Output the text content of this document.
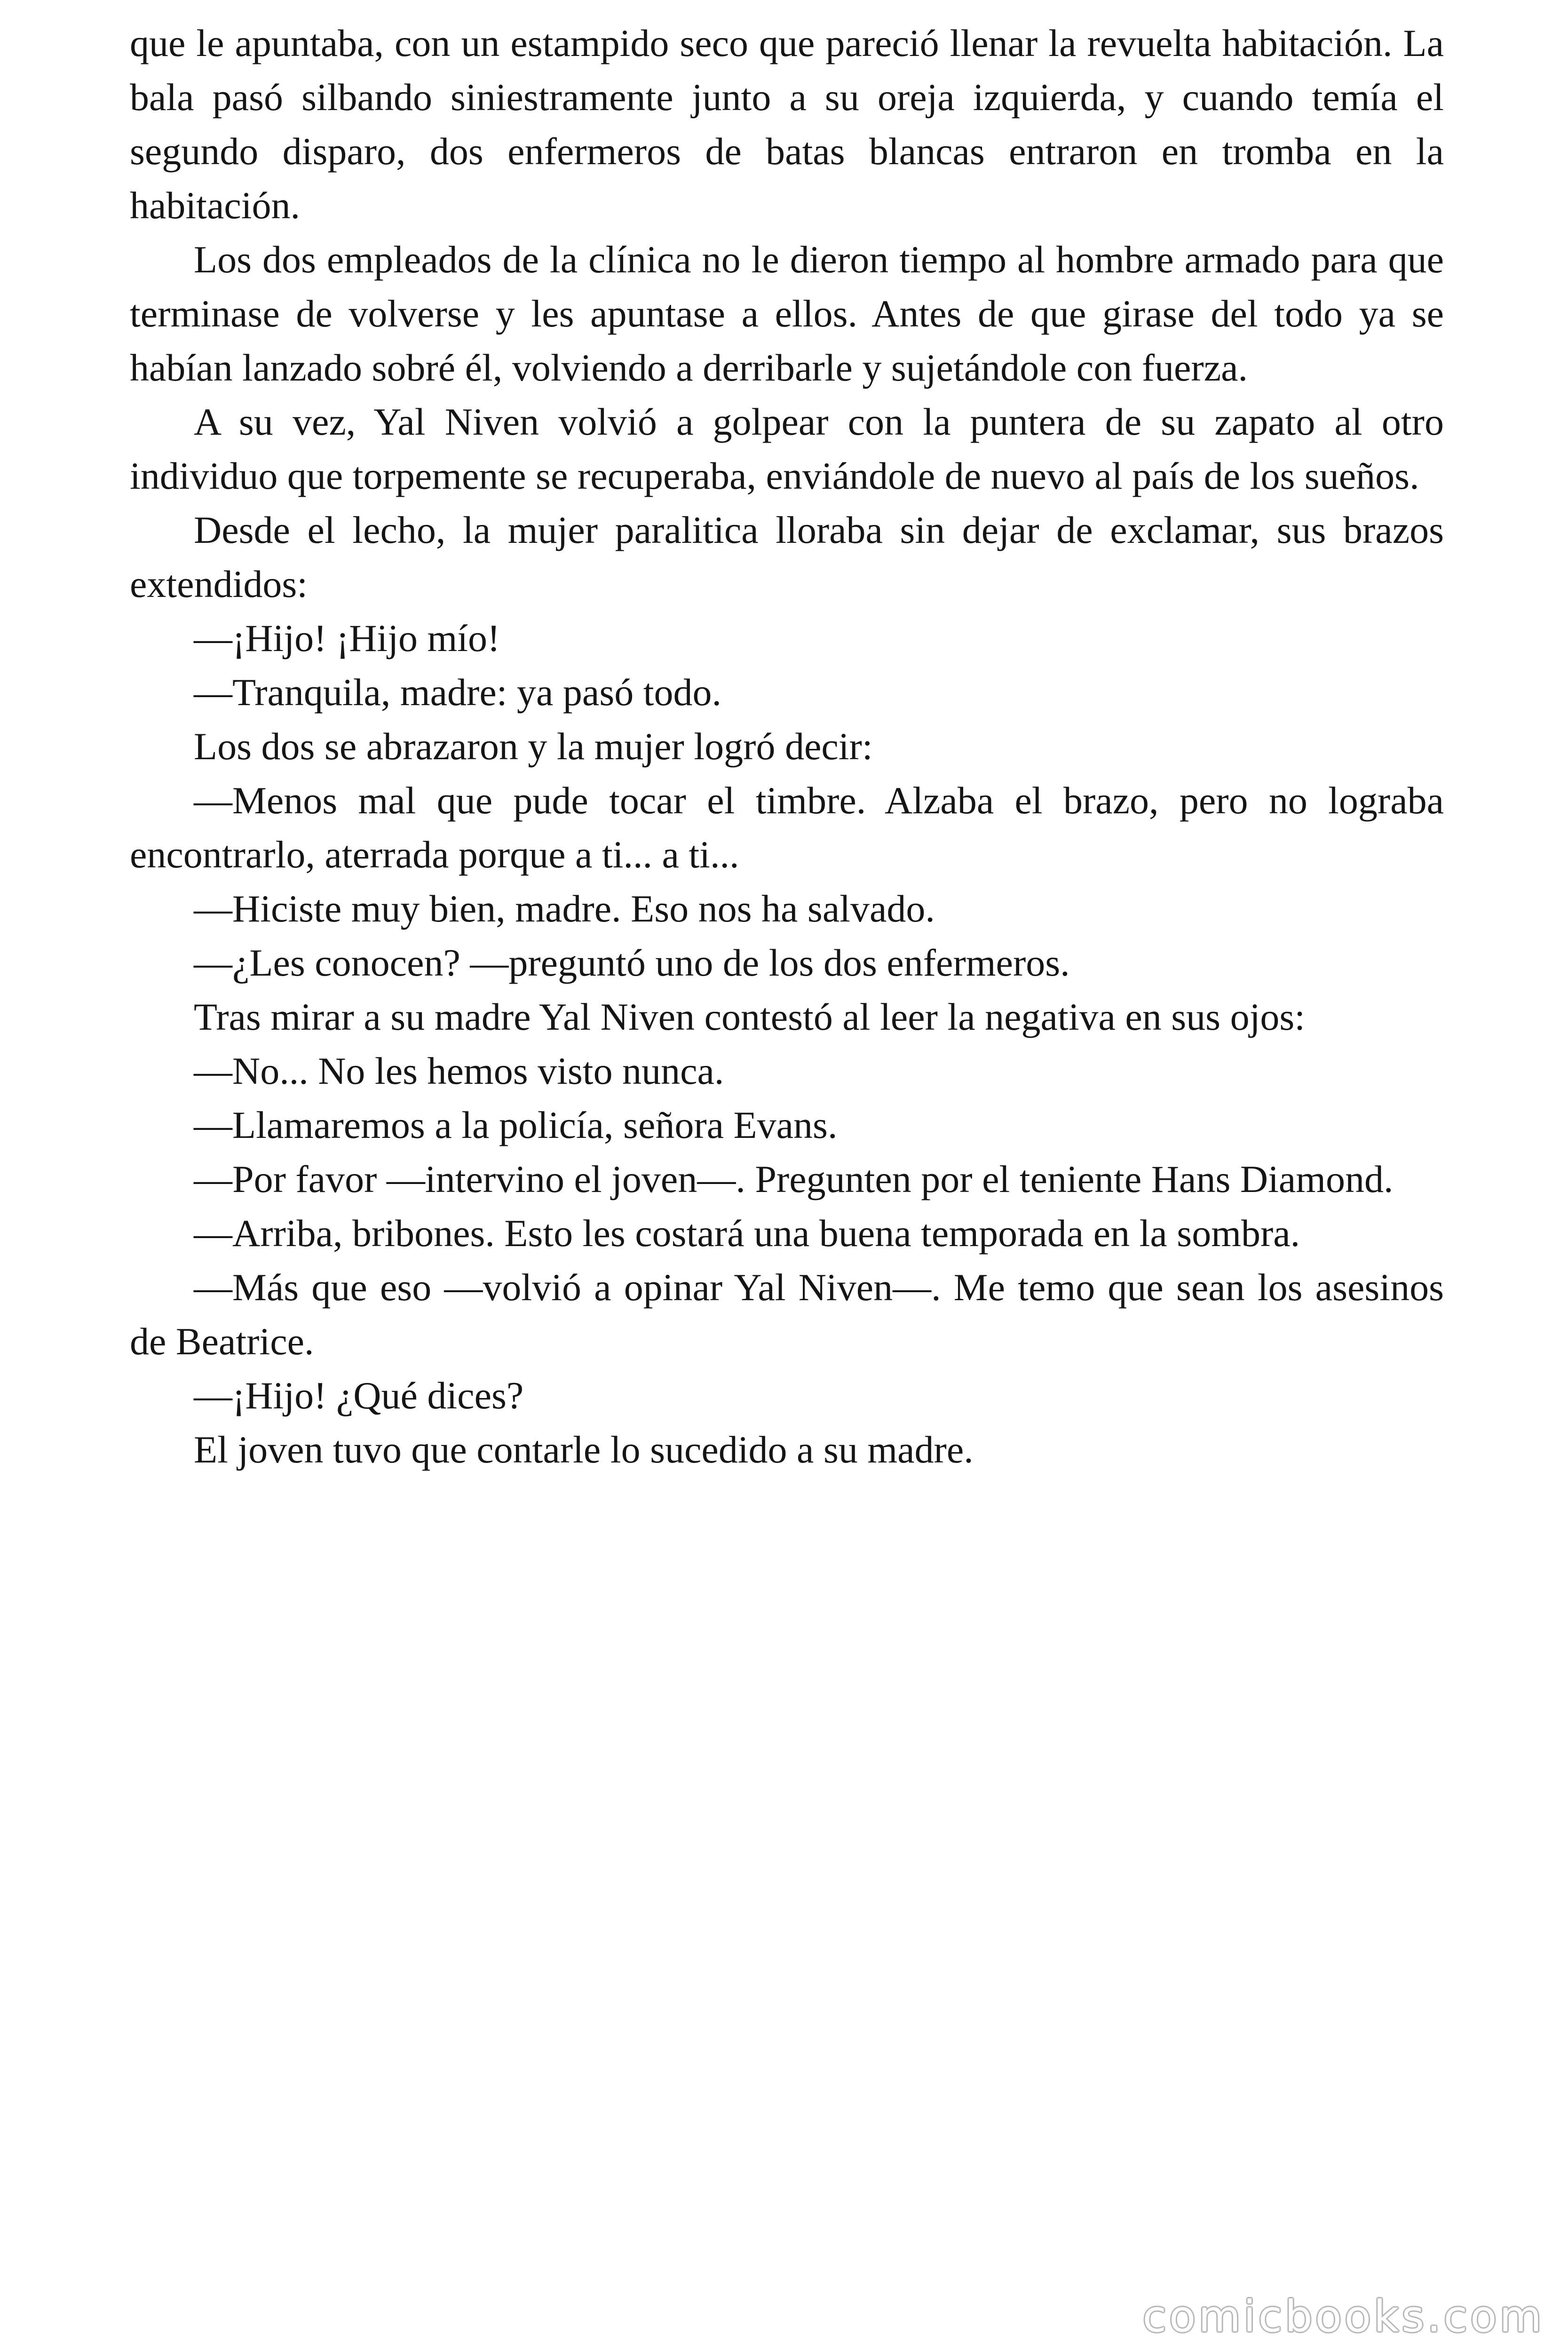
que le apuntaba, con un estampido seco que pareció llenar la revuelta habitación. La bala pasó silbando siniestramente junto a su oreja izquierda, y cuando temía el segundo disparo, dos enfermeros de batas blancas entraron en tromba en la habitación.

Los dos empleados de la clínica no le dieron tiempo al hombre armado para que terminase de volverse y les apuntase a ellos. Antes de que girase del todo ya se habían lanzado sobré él, volviendo a derribarle y sujetándole con fuerza.

A su vez, Yal Niven volvió a golpear con la puntera de su zapato al otro individuo que torpemente se recuperaba, enviándole de nuevo al país de los sueños.

Desde el lecho, la mujer paralitica lloraba sin dejar de exclamar, sus brazos extendidos:

—¡Hijo! ¡Hijo mío!

—Tranquila, madre: ya pasó todo.

Los dos se abrazaron y la mujer logró decir:

—Menos mal que pude tocar el timbre. Alzaba el brazo, pero no lograba encontrarlo, aterrada porque a ti... a ti...

—Hiciste muy bien, madre. Eso nos ha salvado.

—¿Les conocen? —preguntó uno de los dos enfermeros.

Tras mirar a su madre Yal Niven contestó al leer la negativa en sus ojos:

—No... No les hemos visto nunca.

—Llamaremos a la policía, señora Evans.

—Por favor —intervino el joven—. Pregunten por el teniente Hans Diamond.

—Arriba, bribones. Esto les costará una buena temporada en la sombra.

—Más que eso —volvió a opinar Yal Niven—. Me temo que sean los asesinos de Beatrice.

—¡Hijo! ¿Qué dices?

El joven tuvo que contarle lo sucedido a su madre.

comicbooks.com
